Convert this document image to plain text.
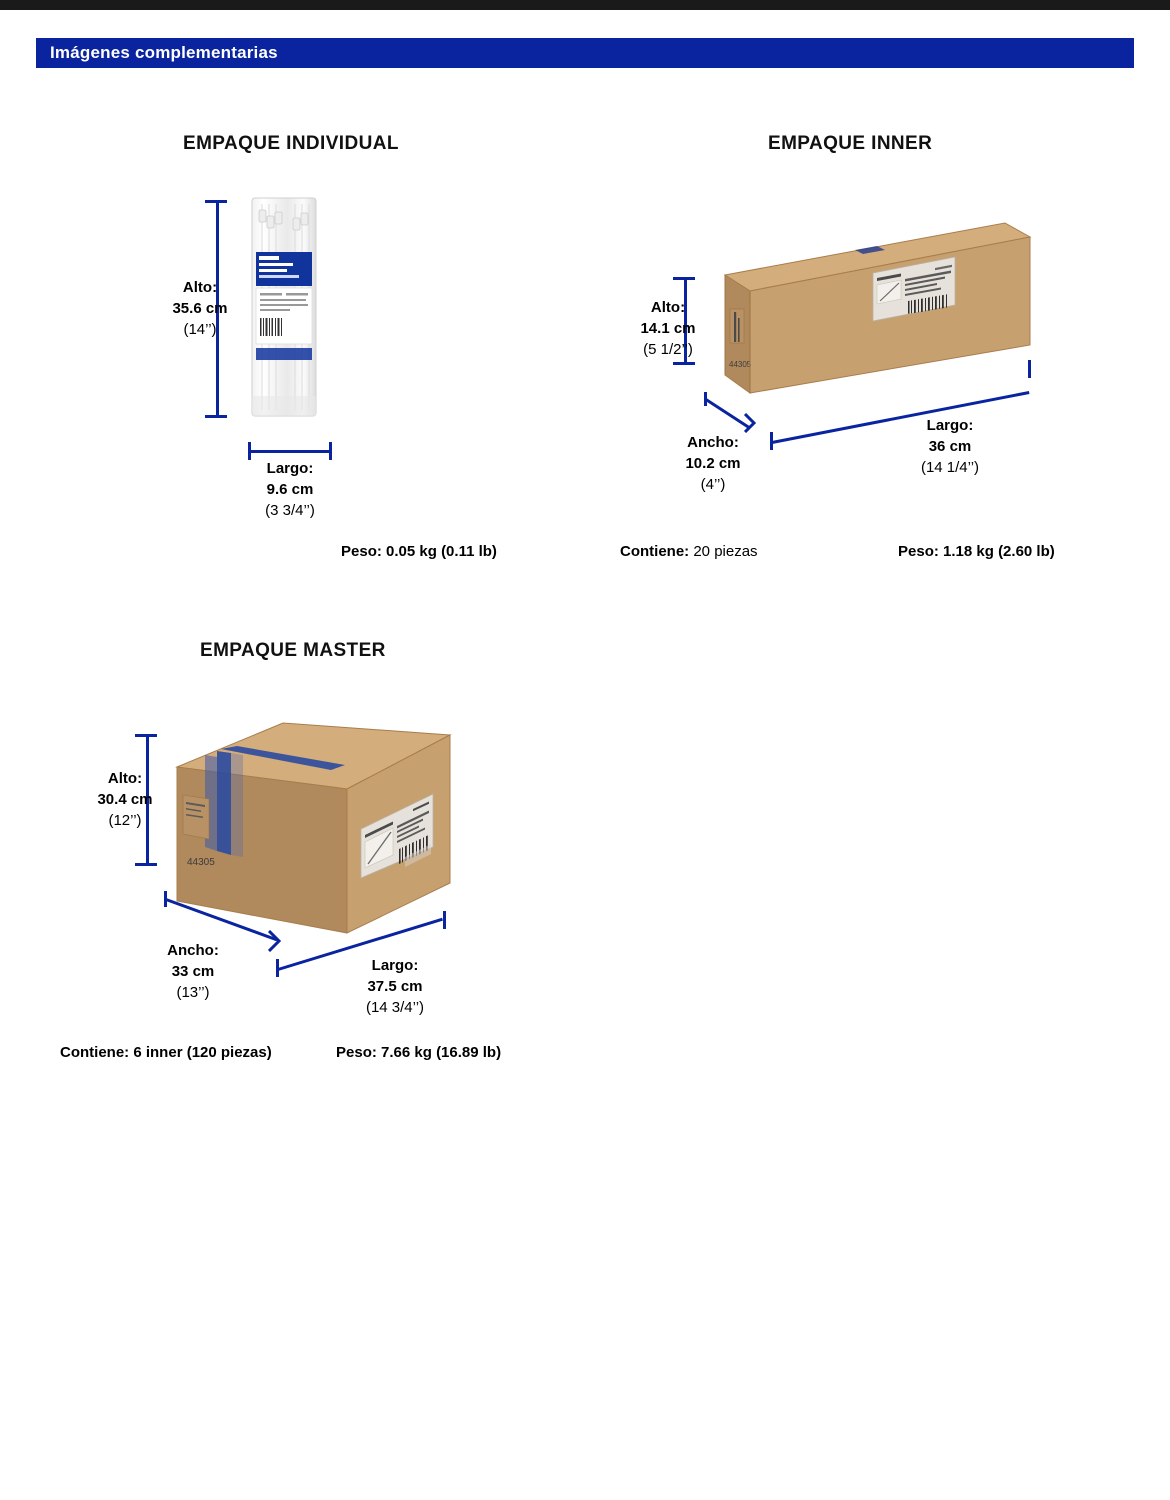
Imágenes complementarias
EMPAQUE INDIVIDUAL
Alto:
35.6 cm
(14’’)
Largo:
9.6 cm
(3 3/4’’)
Peso: 0.05 kg (0.11 lb)
EMPAQUE INNER
44305
Alto:
14.1 cm
(5 1/2’’)
Ancho:
10.2 cm
(4’’)
Largo:
36 cm
(14 1/4’’)
Contiene: 20 piezas	Peso: 1.18 kg (2.60 lb)
EMPAQUE MASTER
44305
Alto:
30.4 cm
(12’’)
Ancho:
33 cm
(13’’)
Largo:
37.5 cm
(14 3/4’’)
Contiene: 6 inner (120 piezas)	Peso: 7.66 kg (16.89 lb)
